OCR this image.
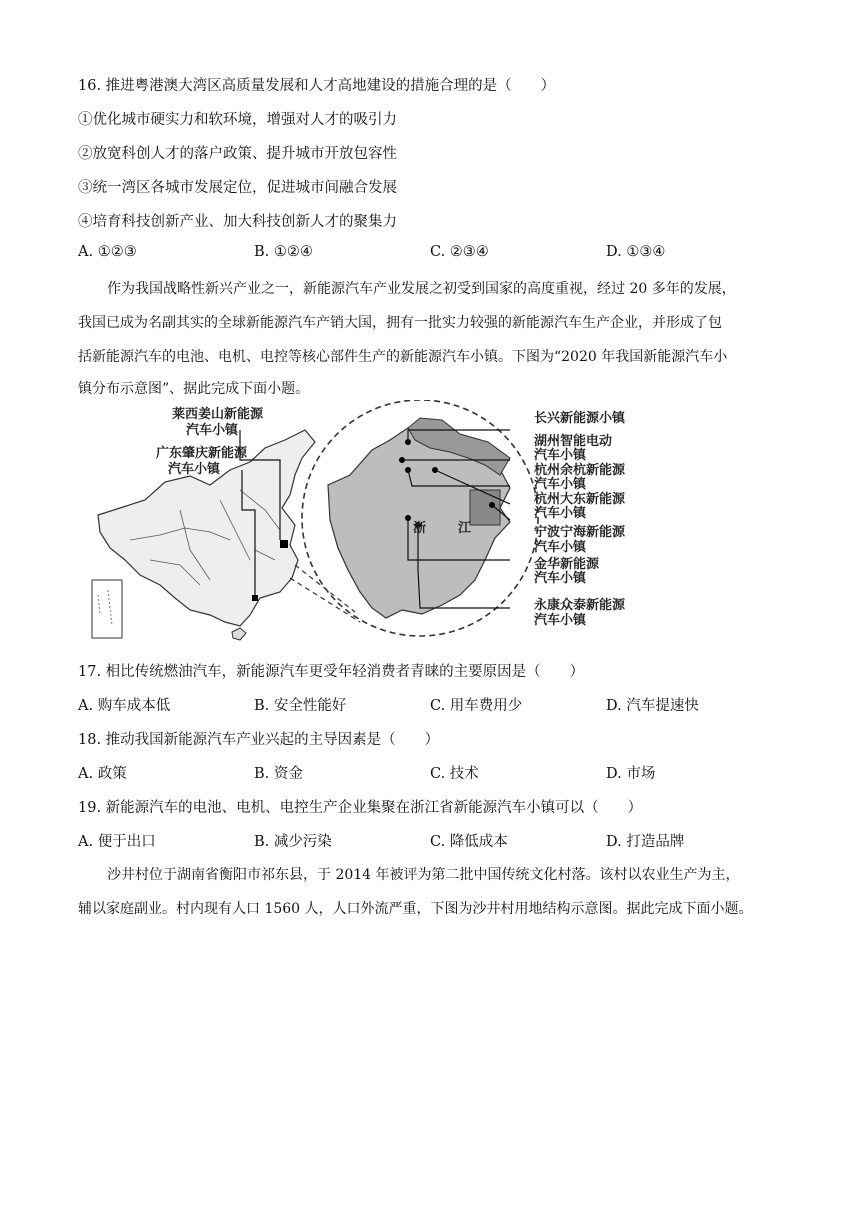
16. 推进粤港澳大湾区高质量发展和人才高地建设的措施合理的是（　　）
①优化城市硬实力和软环境，增强对人才的吸引力
②放宽科创人才的落户政策、提升城市开放包容性
③统一湾区各城市发展定位，促进城市间融合发展
④培育科技创新产业、加大科技创新人才的聚集力
A. ①②③	B. ①②④	C. ②③④	D. ①③④
作为我国战略性新兴产业之一，新能源汽车产业发展之初受到国家的高度重视，经过 20 多年的发展，
我国已成为名副其实的全球新能源汽车产销大国，拥有一批实力较强的新能源汽车生产企业，并形成了包
括新能源汽车的电池、电机、电控等核心部件生产的新能源汽车小镇。下图为“2020 年我国新能源汽车小
镇分布示意图”、据此完成下面小题。
浙 江
莱西姜山新能源
汽车小镇
广东肇庆新能源
汽车小镇
长兴新能源小镇
湖州智能电动
汽车小镇
杭州余杭新能源
汽车小镇
杭州大东新能源
汽车小镇
宁波宁海新能源
汽车小镇
金华新能源
汽车小镇
永康众泰新能源
汽车小镇
17. 相比传统燃油汽车，新能源汽车更受年轻消费者青睐的主要原因是（　　）
A. 购车成本低	B. 安全性能好	C. 用车费用少	D. 汽车提速快
18. 推动我国新能源汽车产业兴起的主导因素是（　　）
A. 政策	B. 资金	C. 技术	D. 市场
19. 新能源汽车的电池、电机、电控生产企业集聚在浙江省新能源汽车小镇可以（　　）
A. 便于出口	B. 减少污染	C. 降低成本	D. 打造品牌
沙井村位于湖南省衡阳市祁东县，于 2014 年被评为第二批中国传统文化村落。该村以农业生产为主，
辅以家庭副业。村内现有人口 1560 人，人口外流严重，下图为沙井村用地结构示意图。据此完成下面小题。
